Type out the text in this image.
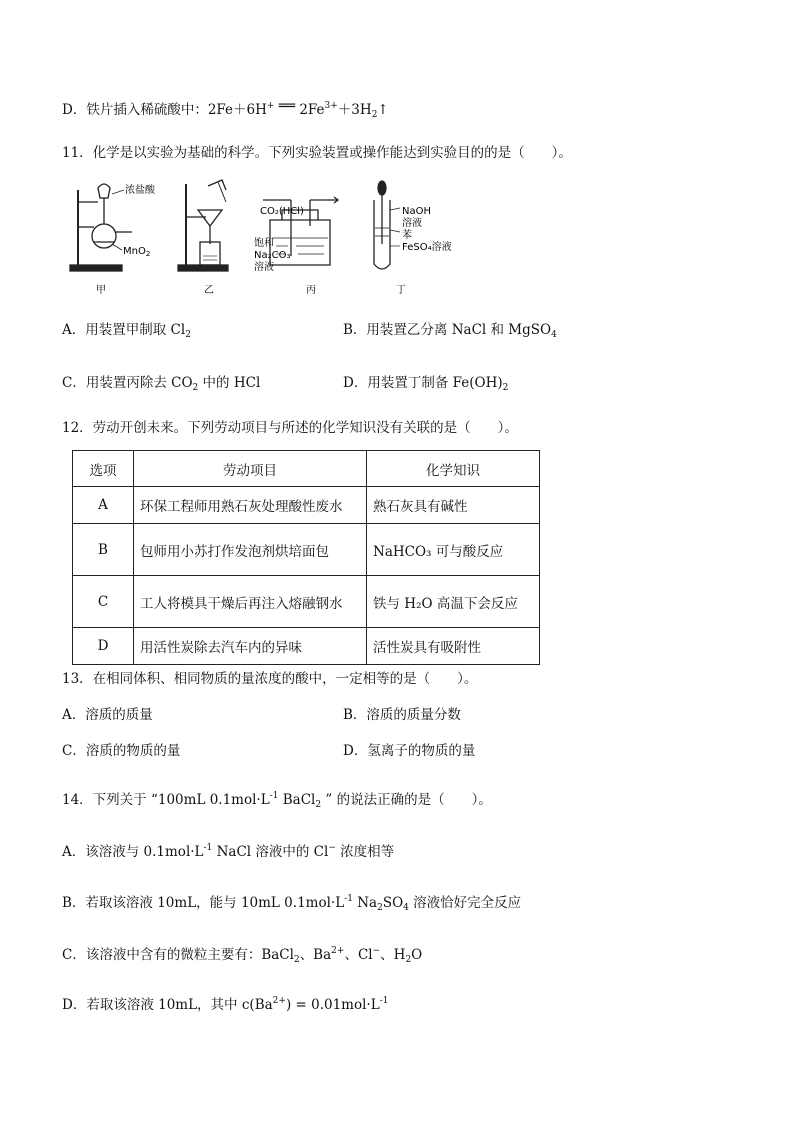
D．铁片插入稀硫酸中：2Fe＋6H+ ══ $2Fe^{3+}+3H_2↑$
11．化学是以实验为基础的科学。下列实验装置或操作能达到实验目的的是（　　）。
浓盐酸
MnO$_2$
甲	乙
CO₂(HCl)
饱和
Na₂CO₃
溶液
丙
NaOH
溶液
苯
FeSO₄溶液
丁
A．用装置甲制取 $Cl_2$	B．用装置乙分离 NaCl 和 MgSO$_4$
C．用装置丙除去 $CO_2$ 中的 HCl	D．用装置丁制备 $Fe(OH)_2$
12．劳动开创未来。下列劳动项目与所述的化学知识没有关联的是（　　）。
选项	劳动项目	化学知识
A	环保工程师用熟石灰处理酸性废水	熟石灰具有碱性
B	包师用小苏打作发泡剂烘培面包	NaHCO₃ 可与酸反应
C	工人将模具干燥后再注入熔融钢水	铁与 H₂O 高温下会反应
D	用活性炭除去汽车内的异味	活性炭具有吸附性
13．在相同体积、相同物质的量浓度的酸中，一定相等的是（　　）。
A．溶质的质量	B．溶质的质量分数
C．溶质的物质的量	D．氢离子的物质的量
14．下列关于 “100mL $0.1mol\cdot L^{-1}$ BaCl$_2$ ” 的说法正确的是（　　）。
A．该溶液与 $0.1mol\cdot L^{-1}$ NaCl 溶液中的 Cl− 浓度相等
B．若取该溶液 10mL，能与 10mL $0.1mol\cdot L^{-1}$ $Na_2SO_4$ 溶液恰好完全反应
C．该溶液中含有的微粒主要有：BaCl$_2$、$Ba^{2+}$、Cl−、$H_2O$
D．若取该溶液 10mL，其中 $c(Ba^{2+}) = 0.01mol\cdot L^{-1}$
